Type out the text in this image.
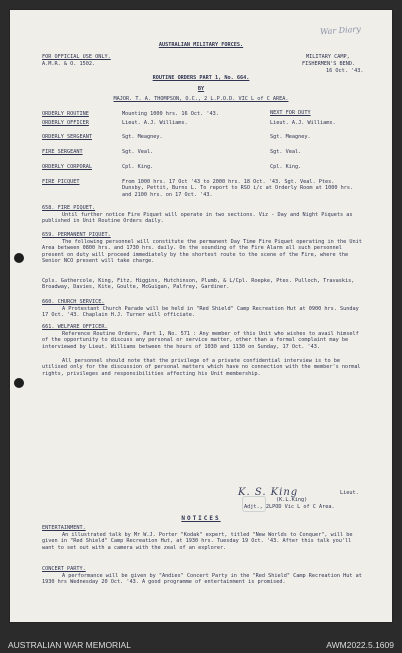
War Diary
AUSTRALIAN MILITARY FORCES.
FOR OFFICIAL USE ONLY.
A.M.R. & O. 1502.
MILITARY CAMP,
FISHERMEN'S BEND.
16 Oct. '43.
ROUTINE ORDERS PART 1, No. 664.
BY
MAJOR. T. A. THOMPSON, O.C., 2 L.P.O.D. VIC L of C AREA.
NEXT FOR DUTY
ORDERLY ROUTINE	Mounting 1000 hrs. 16 Oct. '43.
ORDERLY OFFICER	Lieut. A.J. Williams.	Lieut. A.J. Williams.
ORDERLY SERGEANT	Sgt. Meagney.	Sgt. Meagney.
FIRE SERGEANT	Sgt. Veal.	Sgt. Veal.
ORDERLY CORPORAL	Cpl. King.	Cpl. King.
FIRE PICQUET	From 1000 hrs. 17 Oct '43 to 2000 hrs. 18 Oct. '43. Sgt. Veal. Ptes. Dunsby, Pettit, Burns L. To report to RSO i/c at Orderly Room at 1000 hrs. and 2100 hrs. on 17 Oct. '43.
658. FIRE PIQUET.
Until further notice Fire Piquet will operate in two sections. Viz - Day and Night Piquets as published in Unit Routine Orders daily.
659. PERMANENT PIQUET.
The following personnel will constitute the permanent Day Time Fire Piquet operating in the Unit Area between 0800 hrs. and 1730 hrs. daily. On the sounding of the Fire Alarm all such personnel present on duty will proceed immediately by the shortest route to the scene of the Fire, where the Senior NCO present will take charge.
Cpls. Gathercole, King, Fitz, Higgins, Hutchinson, Plumb, & L/Cpl. Roepke, Ptes. Pulloch, Travaskis, Broadway, Davies, Kite, Goulte, McGuigan, Palfrey, Gardiner.
660. CHURCH SERVICE.
A Protestant Church Parade will be held in "Red Shield" Camp Recreation Hut at 0900 hrs. Sunday 17 Oct. '43. Chaplain H.J. Turner will officiate.
661. WELFARE OFFICER.
Reference Routine Orders, Part 1, No. 571 : Any member of this Unit who wishes to avail himself of the opportunity to discuss any personal or service matter, other than a formal complaint may be interviewed by Lieut. Williams between the hours of 1030 and 1130 on Sunday, 17 Oct. '43.
All personnel should note that the privilege of a private confidential interview is to be utilised only for the discussion of personal matters which have no connection with the member's normal rights, privileges and responsibilities affecting his Unit membership.
K. S. King	Lieut.
(K.L.King)
Adjt., 2LPOD Vic L of C Area.
NOTICES
ENTERTAINMENT.
An illustrated talk by Mr W.J. Porter "Kodak" expert, titled "New Worlds to Conquer", will be given in "Red Shield" Camp Recreation Hut, at 1930 hrs. Tuesday 19 Oct. '43. After this talk you'll want to set out with a camera with the zeal of an explorer.
CONCERT PARTY.
A performance will be given by "Andies" Concert Party in the "Red Shield" Camp Recreation Hut at 1930 hrs Wednesday 20 Oct. '43. A good programme of entertainment is promised.
AUSTRALIAN WAR MEMORIAL	AWM2022.5.1609
